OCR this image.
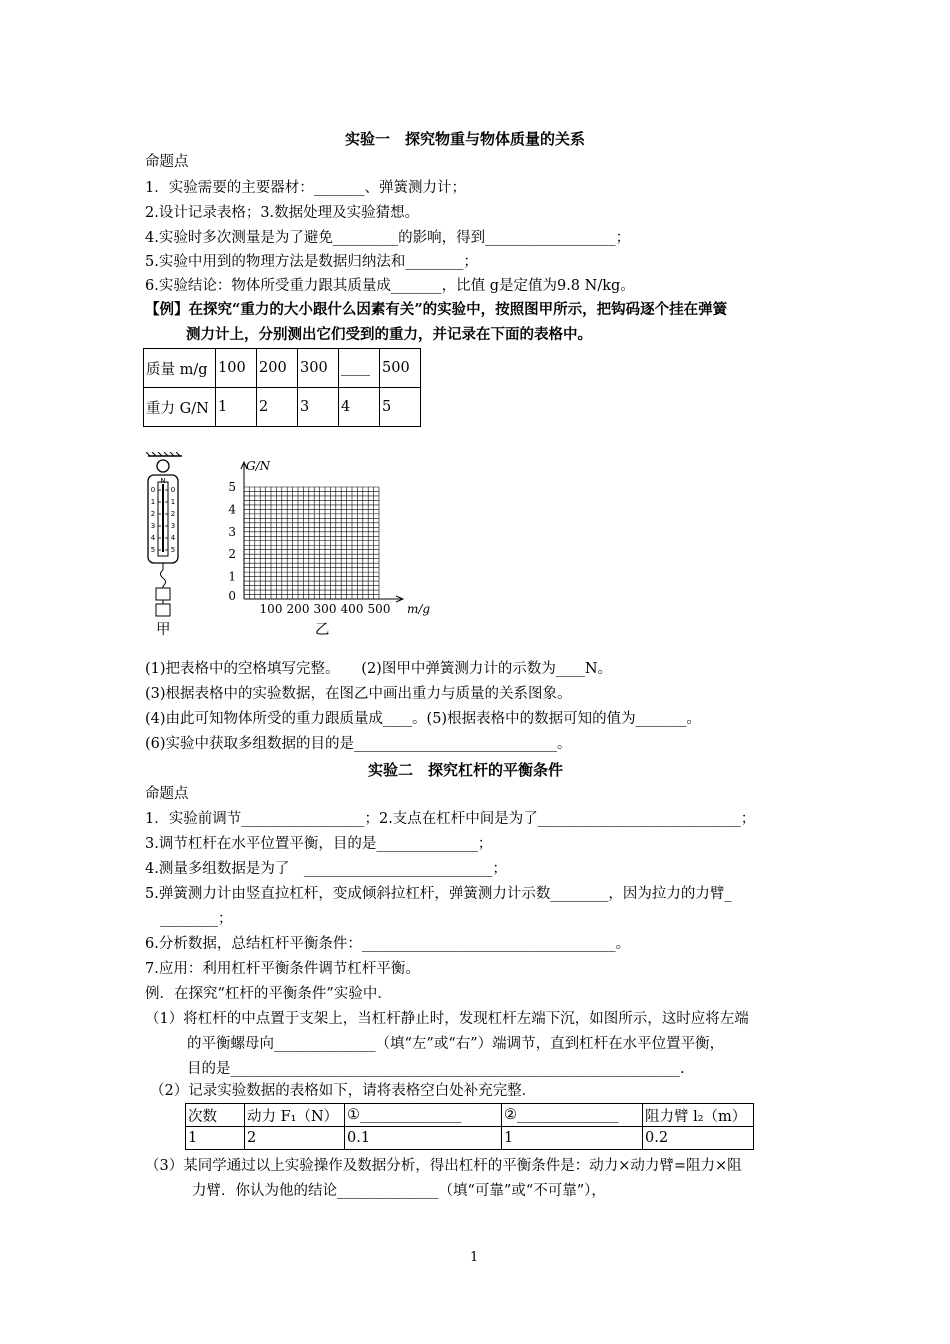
实验一　探究物重与物体质量的关系
命题点
1．实验需要的主要器材：_______、弹簧测力计；
2.设计记录表格；3.数据处理及实验猜想。
4.实验时多次测量是为了避免_________的影响，得到__________________；
5.实验中用到的物理方法是数据归纳法和________；
6.实验结论：物体所受重力跟其质量成_______，比值 g是定值为9.8 N/kg。
【例】在探究“重力的大小跟什么因素有关”的实验中，按照图甲所示，把钩码逐个挂在弹簧
测力计上，分别测出它们受到的重力，并记录在下面的表格中。
质量 m/g	100	200	300	____	500
重力 G/N	1	2	3	4	5
N
0
1
2
3
4
5
0
1
2
3
4
5
甲
0
1
2
3
4
5
100 200 300 400 500
G/N
m/g
乙
(1)把表格中的空格填写完整。　　(2)图甲中弹簧测力计的示数为____N。
(3)根据表格中的实验数据，在图乙中画出重力与质量的关系图象。
(4)由此可知物体所受的重力跟质量成____。(5)根据表格中的数据可知的值为_______。
(6)实验中获取多组数据的目的是____________________________。
实验二　探究杠杆的平衡条件
命题点
1．实验前调节_________________；2.支点在杠杆中间是为了____________________________；
3.调节杠杆在水平位置平衡，目的是______________；
4.测量多组数据是为了　__________________________；
5.弹簧测力计由竖直拉杠杆，变成倾斜拉杠杆，弹簧测力计示数________，因为拉力的力臂_
________；
6.分析数据，总结杠杆平衡条件：___________________________________。
7.应用：利用杠杆平衡条件调节杠杆平衡。
例．在探究“杠杆的平衡条件”实验中．
（1）将杠杆的中点置于支架上，当杠杆静止时，发现杠杆左端下沉，如图所示，这时应将左端
的平衡螺母向______________（填“左”或“右”）端调节，直到杠杆在水平位置平衡，
目的是______________________________________________________________.
（2）记录实验数据的表格如下，请将表格空白处补充完整．
次数	动力 F₁（N）	①______________	②______________	阻力臂 l₂（m）
1	2	0.1	1	0.2
（3）某同学通过以上实验操作及数据分析，得出杠杆的平衡条件是：动力×动力臂=阻力×阻
力臂．你认为他的结论______________（填“可靠”或“不可靠”），
1
